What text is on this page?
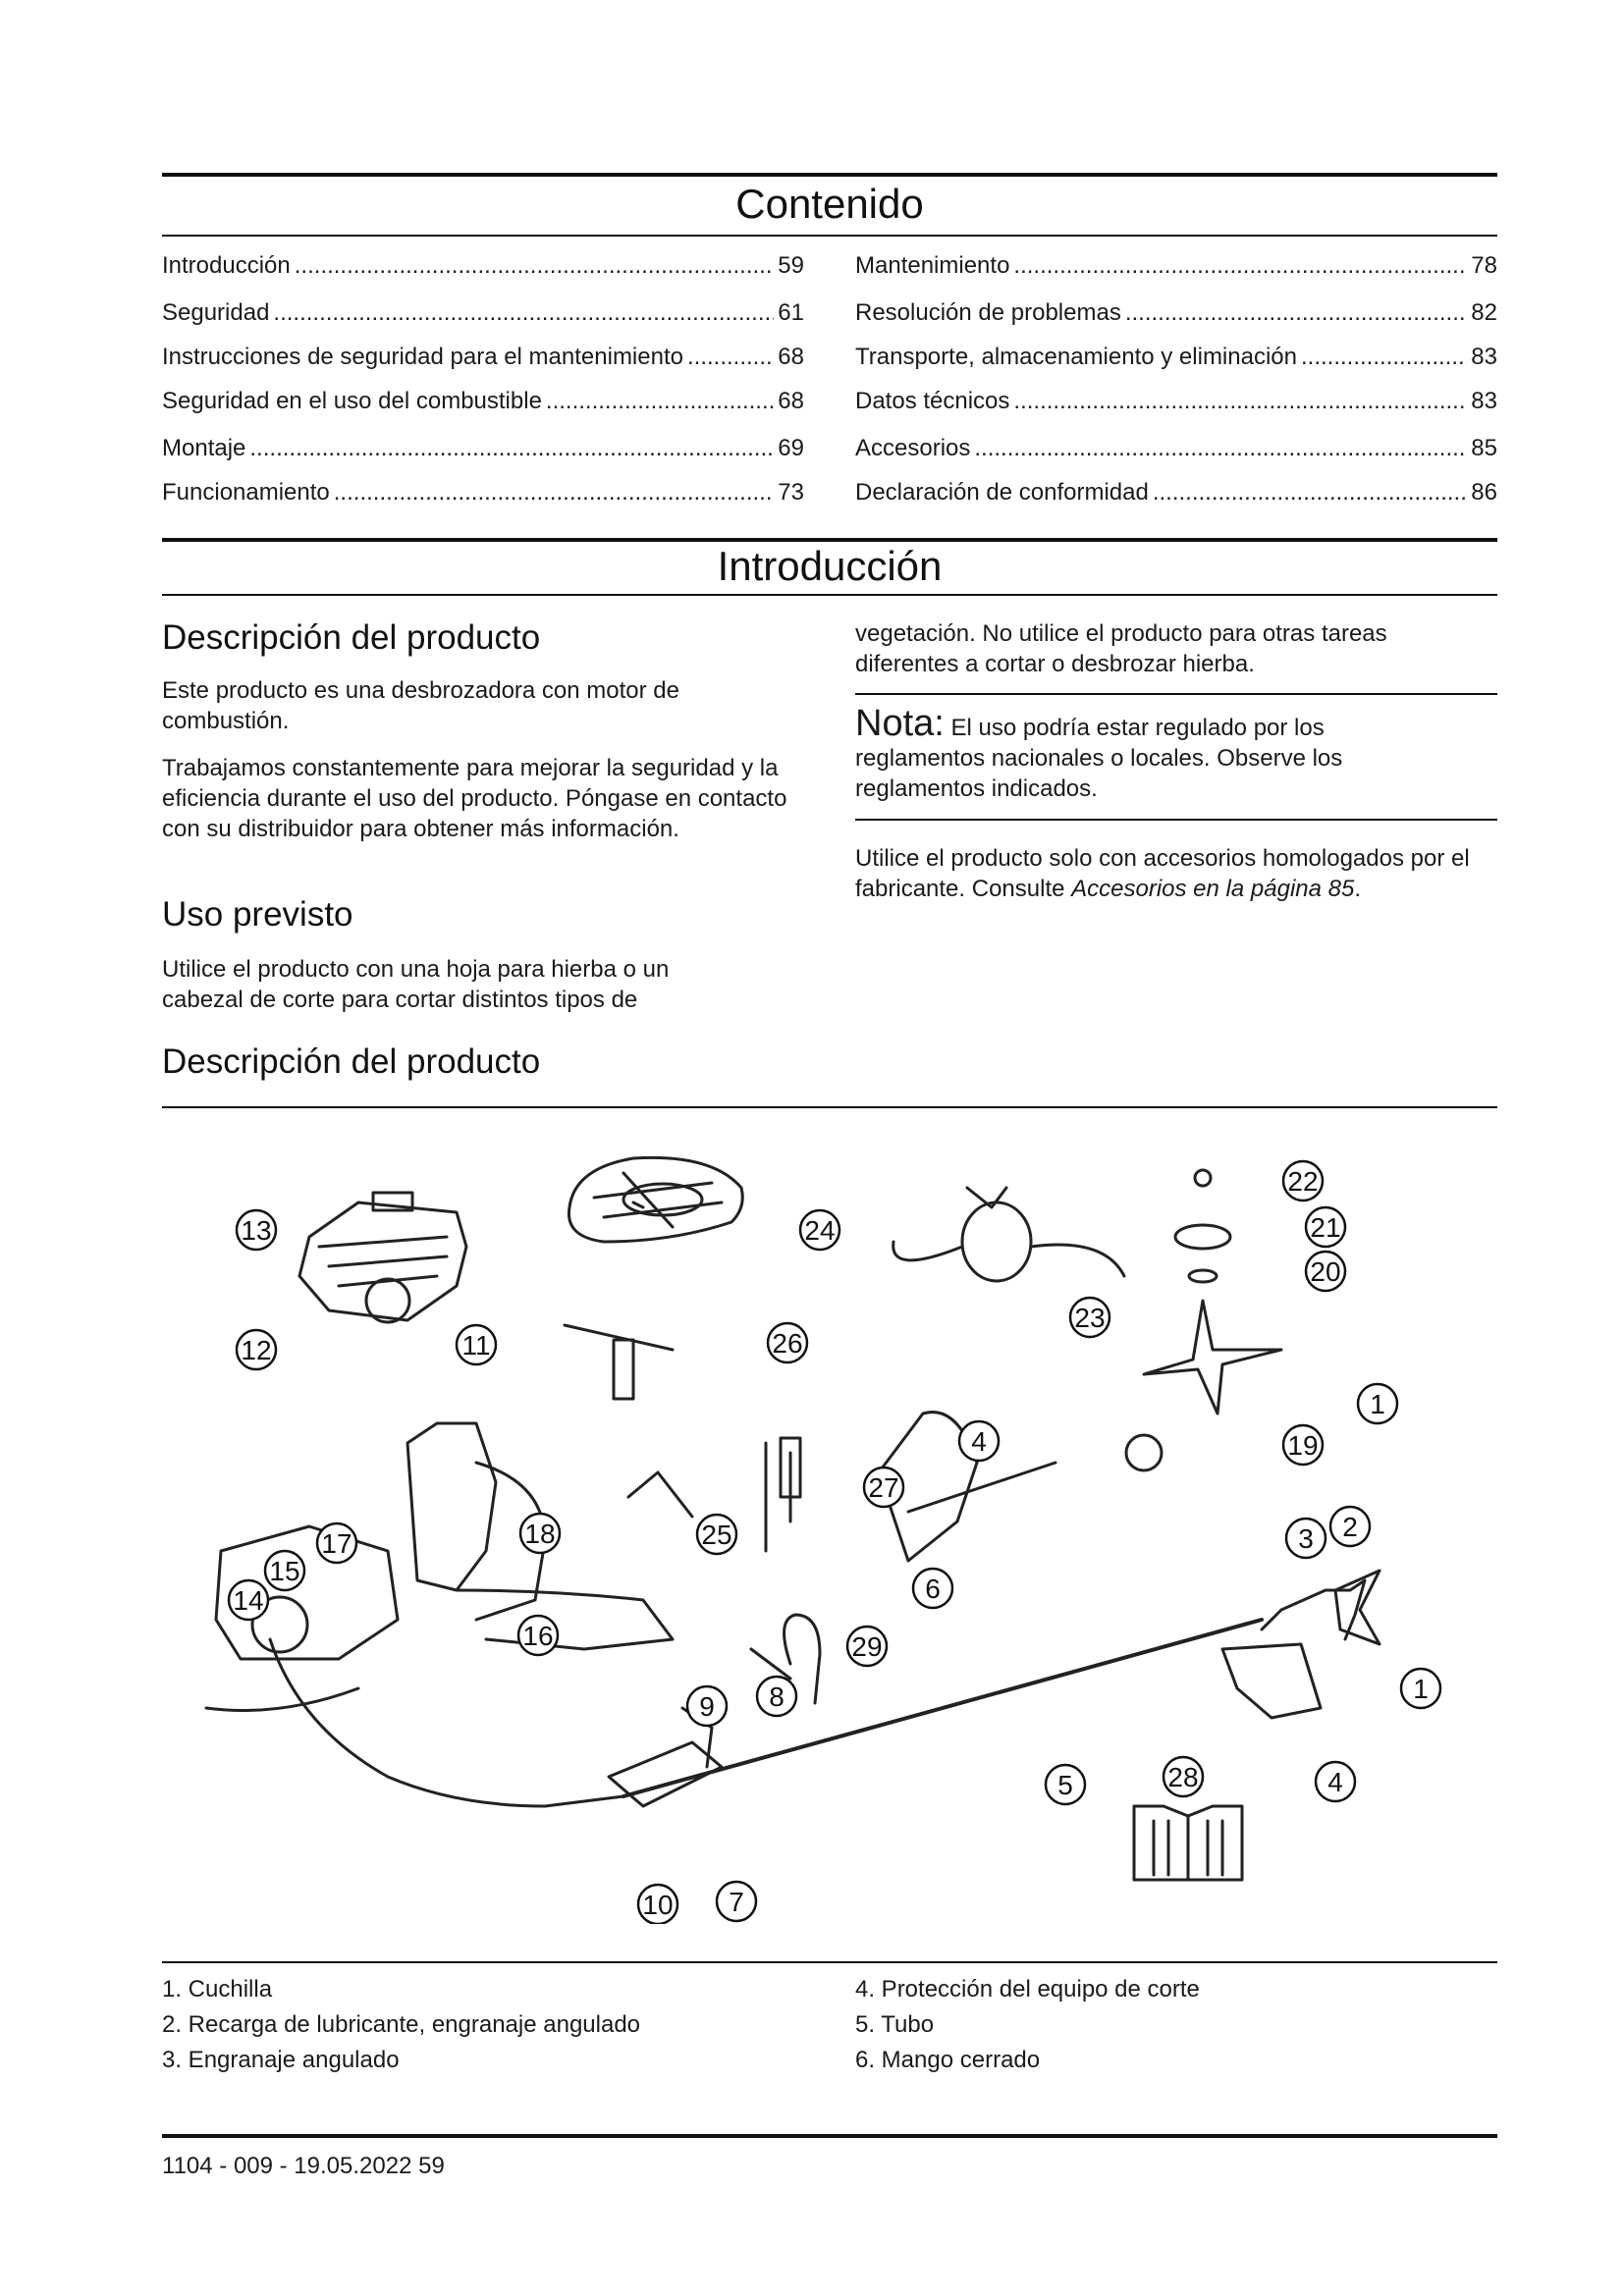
Contenido
Introducción .....	59
Seguridad .....	61
Instrucciones de seguridad para el mantenimiento .....	68
Seguridad en el uso del combustible .....	68
Montaje .....	69
Funcionamiento .....	73
Mantenimiento .....	78
Resolución de problemas .....	82
Transporte, almacenamiento y eliminación .....	83
Datos técnicos .....	83
Accesorios .....	85
Declaración de conformidad .....	86
Introducción
Descripción del producto

Este producto es una desbrozadora con motor de combustión.

Trabajamos constantemente para mejorar la seguridad y la eficiencia durante el uso del producto. Póngase en contacto con su distribuidor para obtener más información.

Uso previsto

Utilice el producto con una hoja para hierba o un cabezal de corte para cortar distintos tipos de

vegetación. No utilice el producto para otras tareas diferentes a cortar o desbrozar hierba.

Nota: El uso podría estar regulado por los reglamentos nacionales o locales. Observe los reglamentos indicados.

Utilice el producto solo con accesorios homologados por el fabricante. Consulte Accesorios en la página 85.

Descripción del producto
13
12	11
24
26
23
22
21
20
1
19
4
27
25
18
17
15
14
16
3 2
6
29
1
9 8
5	28	4
10 7
1. Cuchilla
2. Recarga de lubricante, engranaje angulado
3. Engranaje angulado
4. Protección del equipo de corte
5. Tubo
6. Mango cerrado
1104 - 009 - 19.05.2022 59
